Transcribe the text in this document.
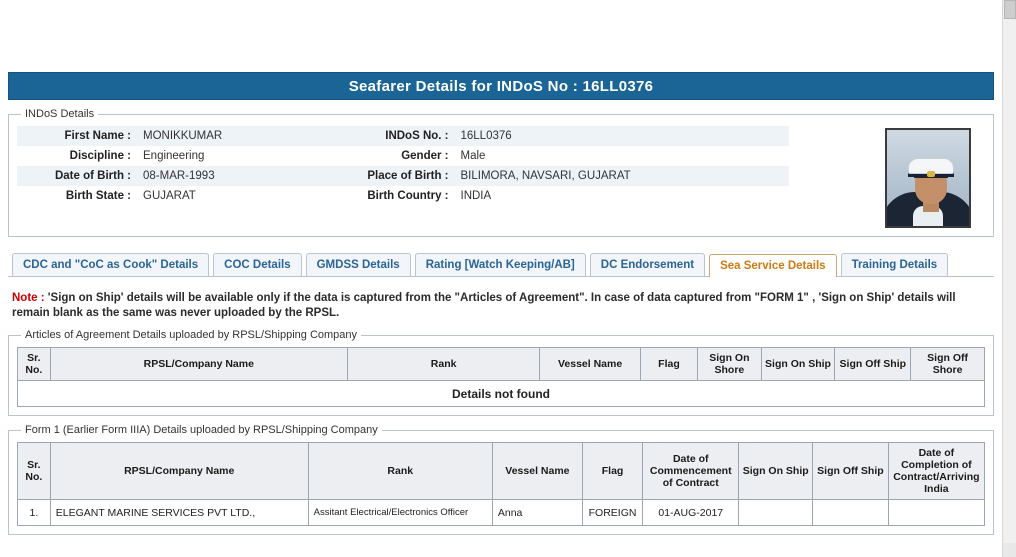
Seafarer Details for INDoS No : 16LL0376
INDoS Details
First Name :	MONIKKUMAR	INDoS No. :	16LL0376
Discipline :	Engineering	Gender :	Male
Date of Birth :	08-MAR-1993	Place of Birth :	BILIMORA, NAVSARI, GUJARAT
Birth State :	GUJARAT	Birth Country :	INDIA
CDC and "CoC as Cook" Details	COC Details	GMDSS Details	Rating [Watch Keeping/AB]	DC Endorsement	Sea Service Details	Training Details
Note : 'Sign on Ship' details will be available only if the data is captured from the "Articles of Agreement". In case of data captured from "FORM 1" , 'Sign on Ship' details will remain blank as the same was never uploaded by the RPSL.
Articles of Agreement Details uploaded by RPSL/Shipping Company
Sr. No.	RPSL/Company Name	Rank	Vessel Name	Flag	Sign On Shore	Sign On Ship	Sign Off Ship	Sign Off Shore
Details not found
Form 1 (Earlier Form IIIA) Details uploaded by RPSL/Shipping Company
Sr. No.	RPSL/Company Name	Rank	Vessel Name	Flag	Date of Commencement of Contract	Sign On Ship	Sign Off Ship	Date of Completion of Contract/Arriving India
1.	ELEGANT MARINE SERVICES PVT LTD.,	Assitant Electrical/Electronics Officer	Anna	FOREIGN	01-AUG-2017			
